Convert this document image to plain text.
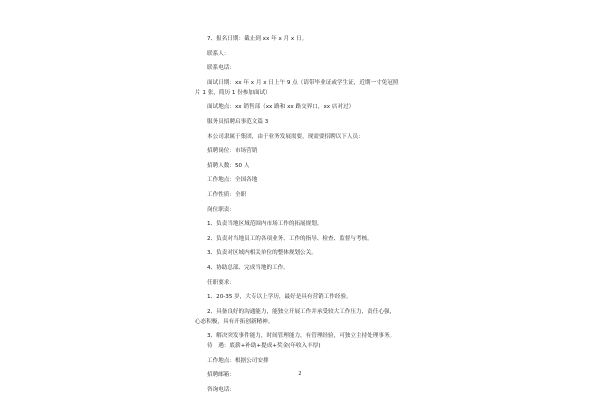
7、报名日期：截止到 xx 年 x 月 x 日。
联系人：
联系电话：
面试日期：xx 年 x 月 x 日上午 9 点（请带毕业证或学生证，近期一寸免冠照
片 1 张，简历 1 份参加面试）
面试地点：xx 销售部（xx 路和 xx 路交界口，xx 店对过）
服务员招聘启事范文篇 3
本公司隶属于集团，由于业务发展需要，现需要招聘以下人员：
招聘岗位：市场营销
招聘人数：50 人
工作地点：全国各地
工作性质：全职
岗位职责：
1、负责当地区域范围内市场工作的拓展规划。
2、负责对当地员工的各项业务、工作的指导、检查、监督与考核。
3、负责对区域内相关单位的整体规划公关。
4、协助总部、完成当地的工作。
任职要求：
1、20-35 岁，大专以上学历，最好是具有营销工作经验。
2、具备良好的沟通能力，能独立开展工作并承受较大工作压力，责任心强，
心态积极，具有开拓创新精神。
3、解决突发事件能力，时间管理能力，有管理经验，可独立主持处理事务。
待　遇：底薪+补助+提成+奖金(年收入丰厚)
工作地点：根据公司安排
招聘邮箱：
咨询电话：
2
